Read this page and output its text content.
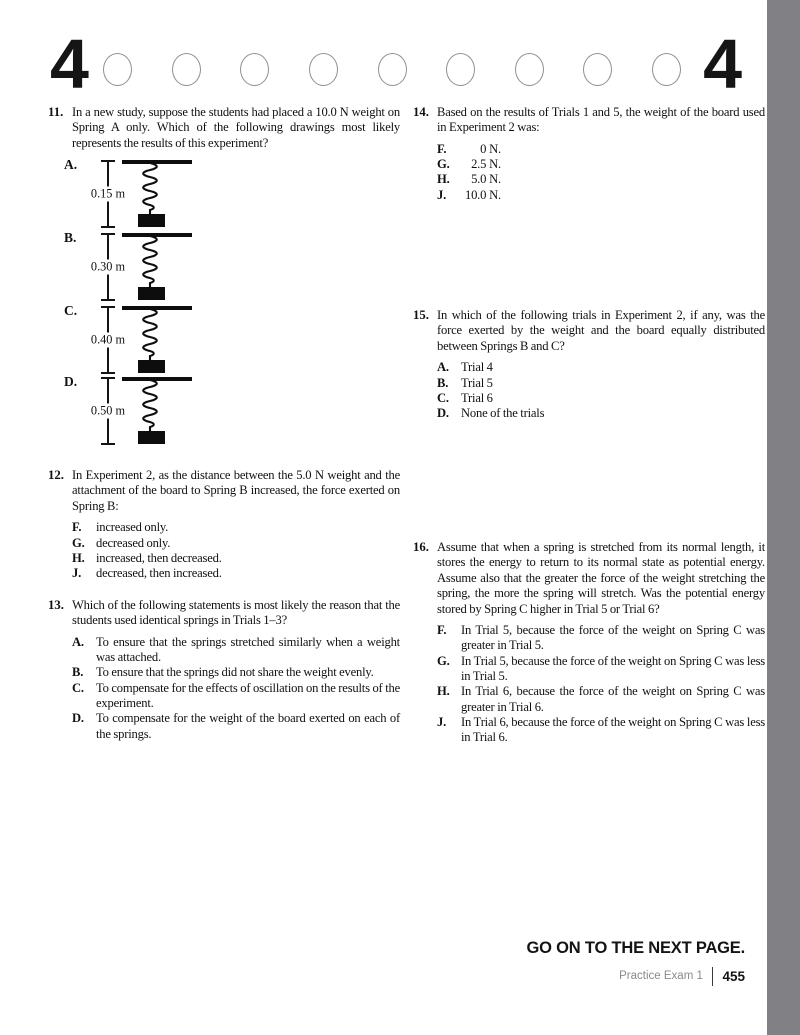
4	4
11. In a new study, suppose the students had placed a 10.0 N weight on Spring A only. Which of the following drawings most likely represents the results of this experiment?
A.
0.15 m
B.
0.30 m
C.
0.40 m
D.
0.50 m
12. In Experiment 2, as the distance between the 5.0 N weight and the attachment of the board to Spring B increased, the force exerted on Spring B:
F.	increased only.
G. decreased only.
H. increased, then decreased.
J.	decreased, then increased.
13. Which of the following statements is most likely the reason that the students used identical springs in Trials 1–3?
A. To ensure that the springs stretched similarly when a weight was attached.
B.	To ensure that the springs did not share the weight evenly.
C. To compensate for the effects of oscillation on the results of the experiment.
D. To compensate for the weight of the board exerted on each of the springs.
14. Based on the results of Trials 1 and 5, the weight of the board used in Experiment 2 was:
F.	0 N.
G.	2.5 N.
H.	5.0 N.
J.	10.0 N.
15. In which of the following trials in Experiment 2, if any, was the force exerted by the weight and the board equally distributed between Springs B and C?
A. Trial 4
B.	Trial 5
C. Trial 6
D. None of the trials
16. Assume that when a spring is stretched from its normal length, it stores the energy to return to its normal state as potential energy. Assume also that the greater the force of the weight stretching the spring, the more the spring will stretch. Was the potential energy stored by Spring C higher in Trial 5 or Trial 6?
F.	In Trial 5, because the force of the weight on Spring C was greater in Trial 5.
G. In Trial 5, because the force of the weight on Spring C was less in Trial 5.
H. In Trial 6, because the force of the weight on Spring C was greater in Trial 6.
J.	In Trial 6, because the force of the weight on Spring C was less in Trial 6.
GO ON TO THE NEXT PAGE.
Practice Exam 1 455
